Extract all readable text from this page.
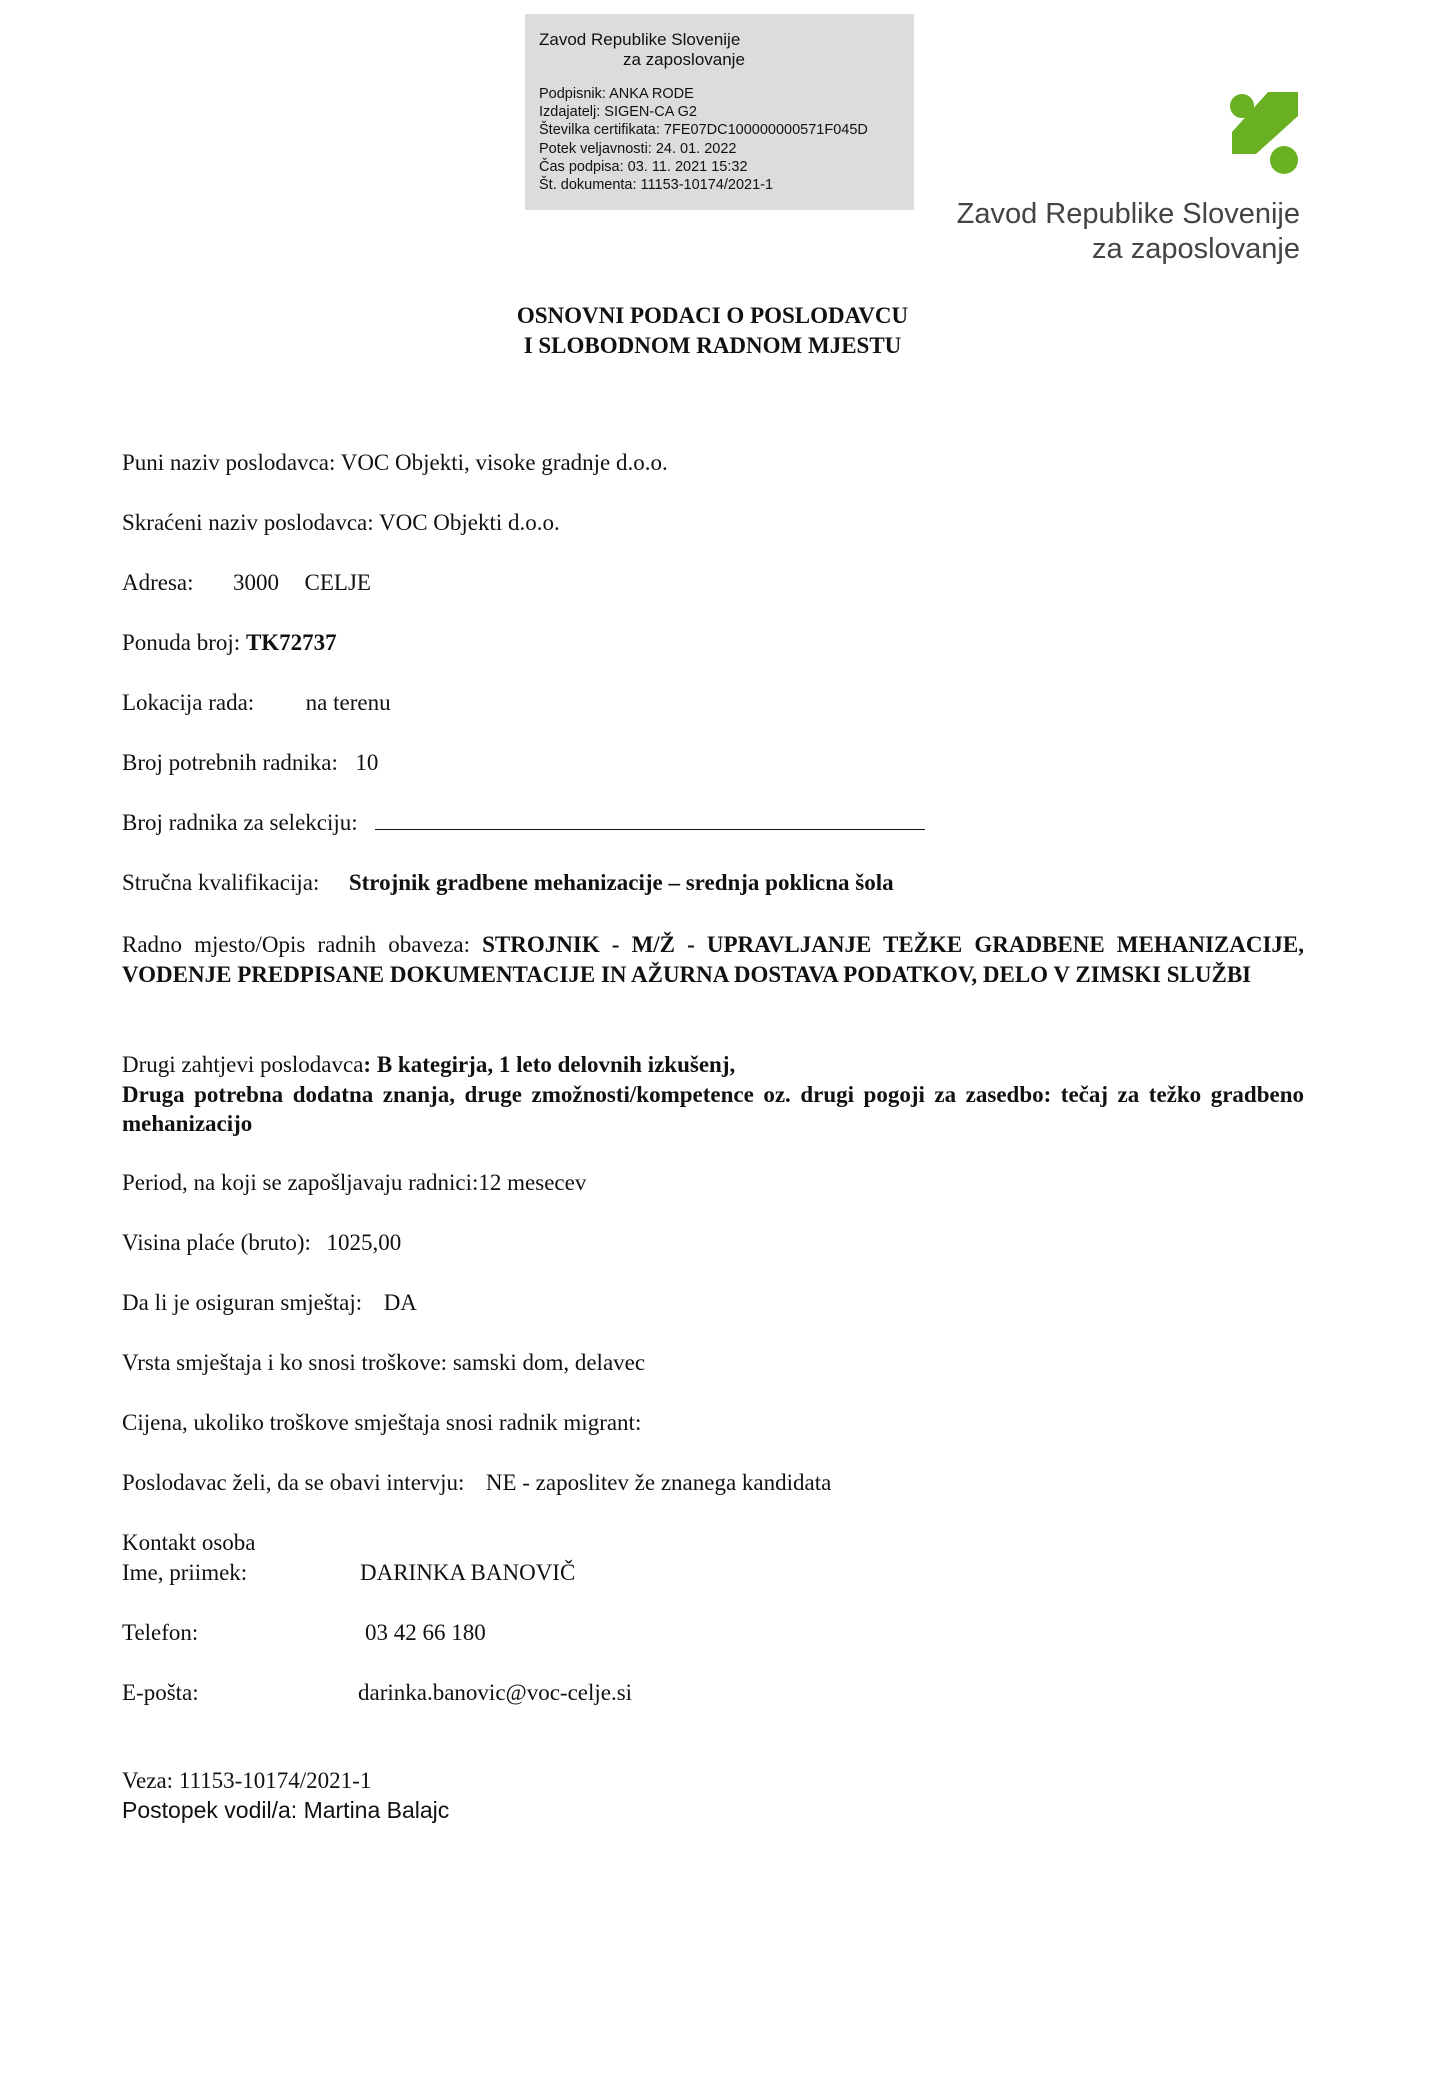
Zavod Republike Slovenije
za zaposlovanje
Podpisnik: ANKA RODE
Izdajatelj: SIGEN-CA G2
Številka certifikata: 7FE07DC100000000571F045D
Potek veljavnosti: 24. 01. 2022
Čas podpisa: 03. 11. 2021 15:32
Št. dokumenta: 11153-10174/2021-1
Zavod Republike Slovenije
za zaposlovanje
OSNOVNI PODACI O POSLODAVCU
I SLOBODNOM RADNOM MJESTU
Puni naziv poslodavca: VOC Objekti, visoke gradnje d.o.o.
Skraćeni naziv poslodavca: VOC Objekti d.o.o.
Adresa: 3000 CELJE
Ponuda broj: TK72737
Lokacija rada: na terenu
Broj potrebnih radnika: 10
Broj radnika za selekciju:
Stručna kvalifikacija: Strojnik gradbene mehanizacije – srednja poklicna šola
Radno mjesto/Opis radnih obaveza: STROJNIK - M/Ž - UPRAVLJANJE TEŽKE GRADBENE MEHANIZACIJE, VODENJE PREDPISANE DOKUMENTACIJE IN AŽURNA DOSTAVA PODATKOV, DELO V ZIMSKI SLUŽBI
Drugi zahtjevi poslodavca: B kategirja, 1 leto delovnih izkušenj,
Druga potrebna dodatna znanja, druge zmožnosti/kompetence oz. drugi pogoji za zasedbo: tečaj za težko gradbeno mehanizacijo
Period, na koji se zapošljavaju radnici:12 mesecev
Visina plaće (bruto): 1025,00
Da li je osiguran smještaj: DA
Vrsta smještaja i ko snosi troškove: samski dom, delavec
Cijena, ukoliko troškove smještaja snosi radnik migrant:
Poslodavac želi, da se obavi intervju: NE - zaposlitev že znanega kandidata
Kontakt osoba
Ime, priimek:	DARINKA BANOVIČ
Telefon:	03 42 66 180
E-pošta:	darinka.banovic@voc-celje.si
Veza: 11153-10174/2021-1
Postopek vodil/a: Martina Balajc
